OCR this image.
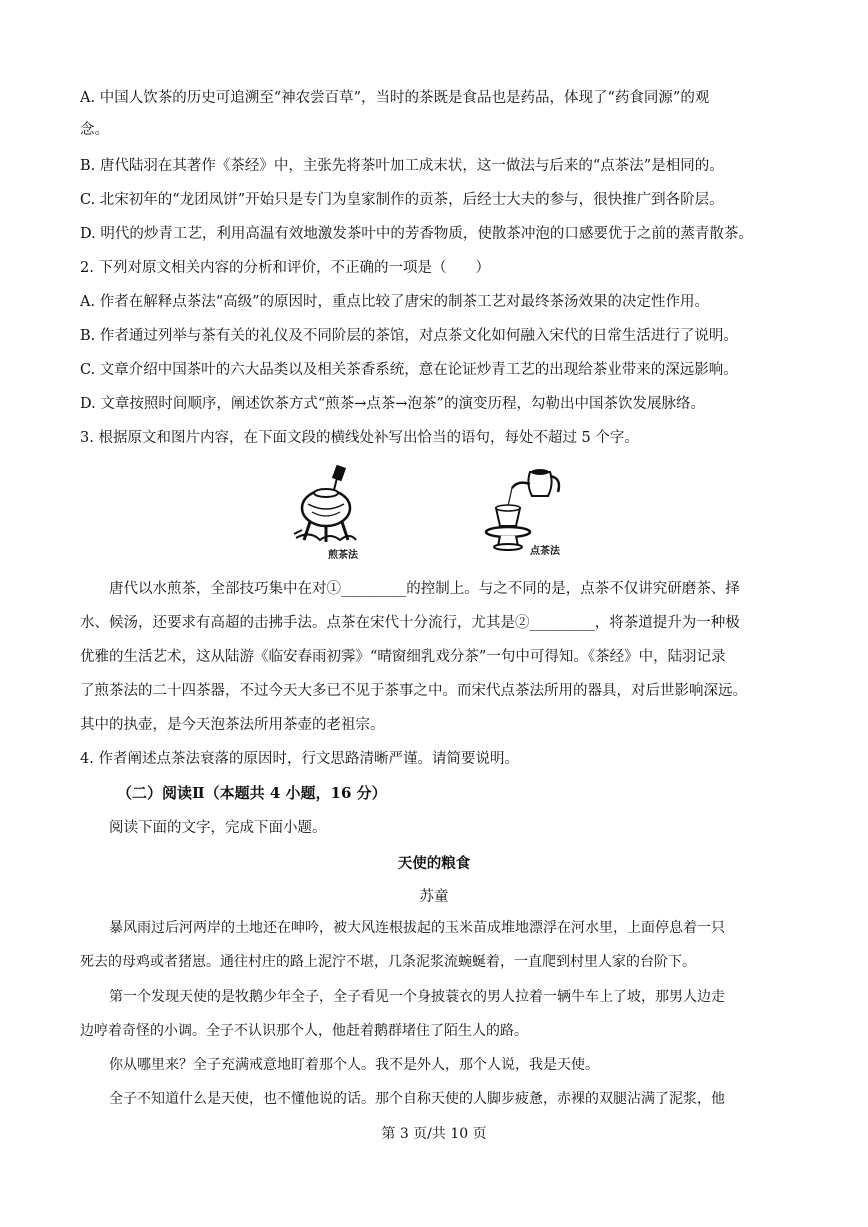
A. 中国人饮茶的历史可追溯至“神农尝百草”，当时的茶既是食品也是药品，体现了“药食同源”的观
念。
B. 唐代陆羽在其著作《茶经》中，主张先将茶叶加工成末状，这一做法与后来的“点茶法”是相同的。
C. 北宋初年的“龙团凤饼”开始只是专门为皇家制作的贡茶，后经士大夫的参与，很快推广到各阶层。
D. 明代的炒青工艺，利用高温有效地激发茶叶中的芳香物质，使散茶冲泡的口感要优于之前的蒸青散茶。
2. 下列对原文相关内容的分析和评价，不正确的一项是（　　）
A. 作者在解释点茶法“高级”的原因时，重点比较了唐宋的制茶工艺对最终茶汤效果的决定性作用。
B. 作者通过列举与茶有关的礼仪及不同阶层的茶馆，对点茶文化如何融入宋代的日常生活进行了说明。
C. 文章介绍中国茶叶的六大品类以及相关茶香系统，意在论证炒青工艺的出现给茶业带来的深远影响。
D. 文章按照时间顺序，阐述饮茶方式“煎茶→点茶→泡茶”的演变历程，勾勒出中国茶饮发展脉络。
3. 根据原文和图片内容，在下面文段的横线处补写出恰当的语句，每处不超过 5 个字。
煎茶法	点茶法
唐代以水煎茶，全部技巧集中在对①_________的控制上。与之不同的是，点茶不仅讲究研磨茶、择
水、候汤，还要求有高超的击拂手法。点茶在宋代十分流行，尤其是②_________，将茶道提升为一种极
优雅的生活艺术，这从陆游《临安春雨初霁》“晴窗细乳戏分茶”一句中可得知。《茶经》中，陆羽记录
了煎茶法的二十四茶器，不过今天大多已不见于茶事之中。而宋代点茶法所用的器具，对后世影响深远。
其中的执壶，是今天泡茶法所用茶壶的老祖宗。
4. 作者阐述点茶法衰落的原因时，行文思路清晰严谨。请简要说明。
（二）阅读Ⅱ（本题共 4 小题，16 分）
阅读下面的文字，完成下面小题。
天使的粮食
苏童
暴风雨过后河两岸的土地还在呻吟，被大风连根拔起的玉米苗成堆地漂浮在河水里，上面停息着一只
死去的母鸡或者猪崽。通往村庄的路上泥泞不堪，几条泥浆流蜿蜒着，一直爬到村里人家的台阶下。
第一个发现天使的是牧鹅少年全子，全子看见一个身披蓑衣的男人拉着一辆牛车上了坡，那男人边走
边哼着奇怪的小调。全子不认识那个人，他赶着鹅群堵住了陌生人的路。
你从哪里来？全子充满戒意地盯着那个人。我不是外人，那个人说，我是天使。
全子不知道什么是天使，也不懂他说的话。那个自称天使的人脚步疲惫，赤裸的双腿沾满了泥浆，他
第 3 页/共 10 页
